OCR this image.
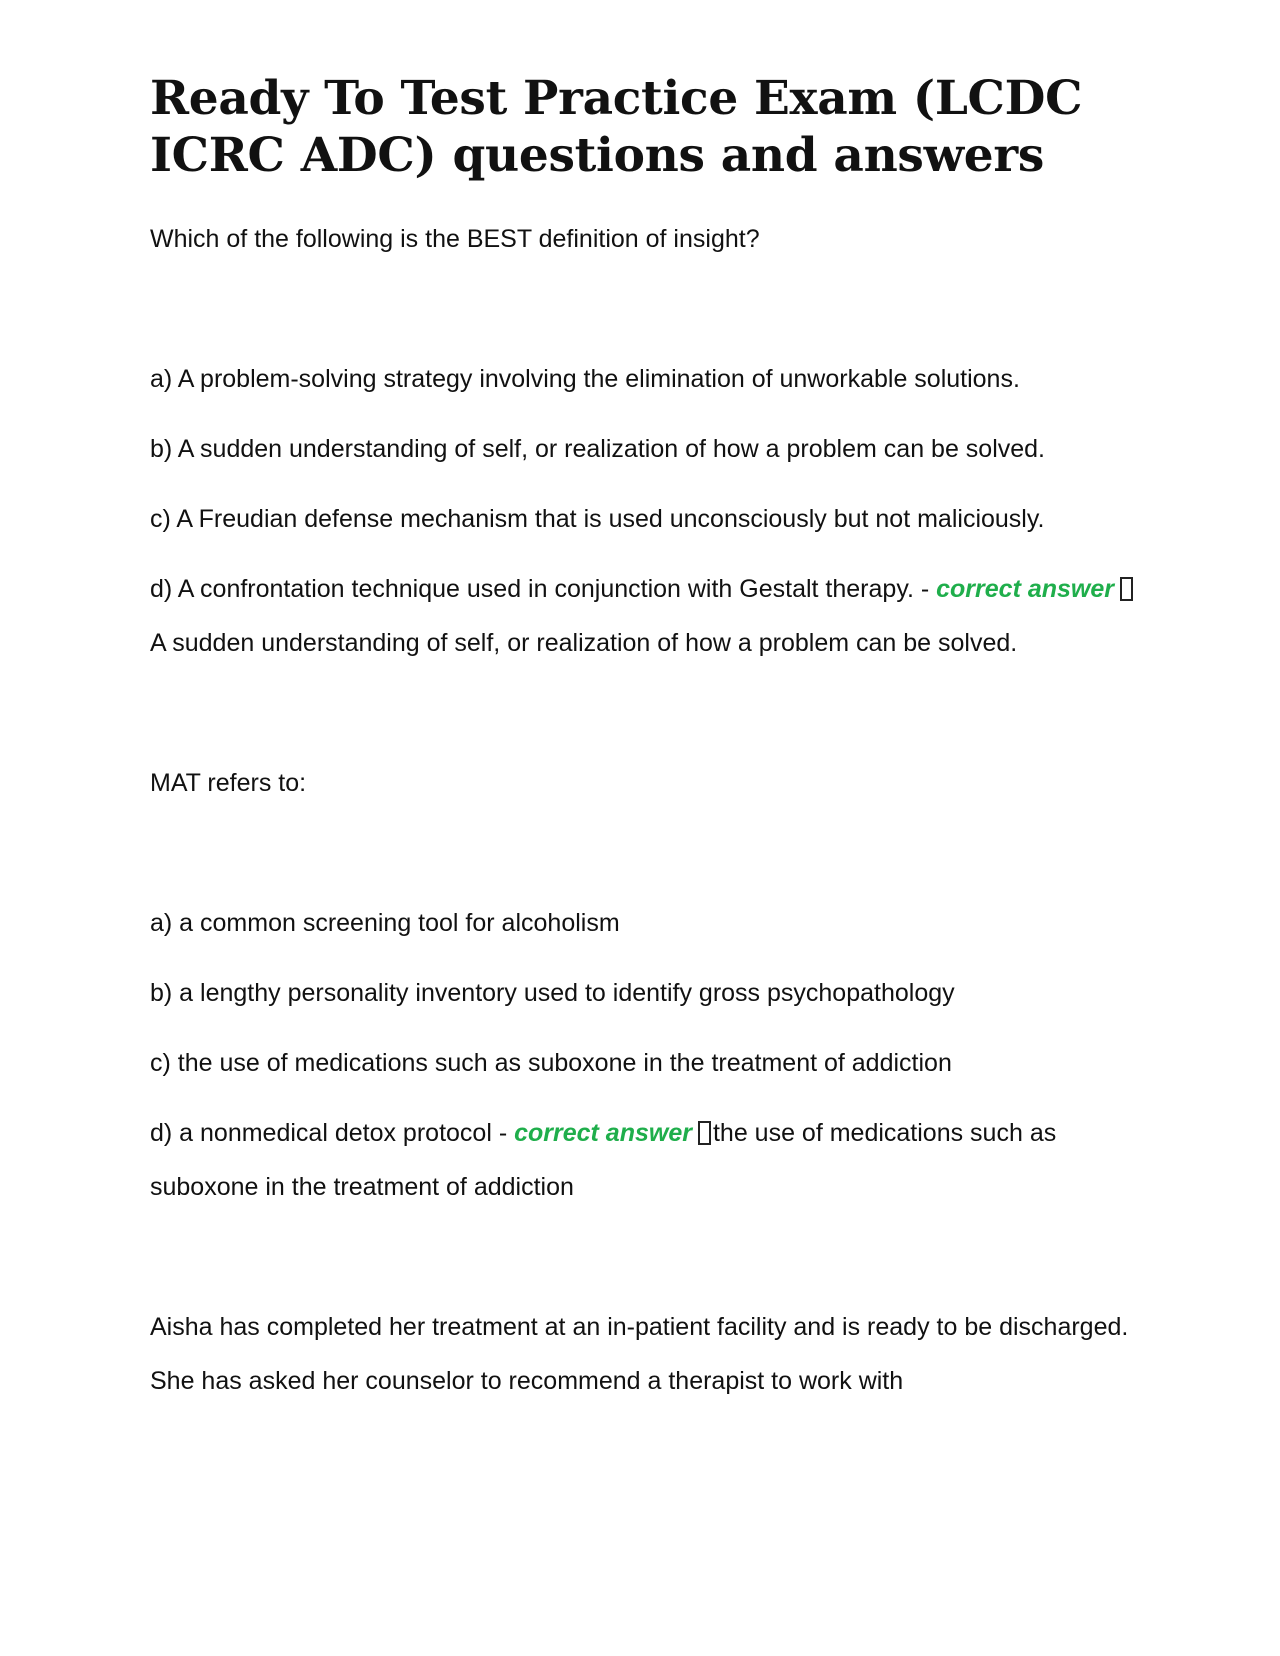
Ready To Test Practice Exam (LCDC ICRC ADC) questions and answers

Which of the following is the BEST definition of insight?

a) A problem-solving strategy involving the elimination of unworkable solutions.

b) A sudden understanding of self, or realization of how a problem can be solved.

c) A Freudian defense mechanism that is used unconsciously but not maliciously.

d) A confrontation technique used in conjunction with Gestalt therapy. - correct answerA sudden understanding of self, or realization of how a problem can be solved.

MAT refers to:

a) a common screening tool for alcoholism

b) a lengthy personality inventory used to identify gross psychopathology

c) the use of medications such as suboxone in the treatment of addiction

d) a nonmedical detox protocol - correct answer the use of medications such as suboxone in the treatment of addiction

Aisha has completed her treatment at an in-patient facility and is ready to be discharged. She has asked her counselor to recommend a therapist to work with
